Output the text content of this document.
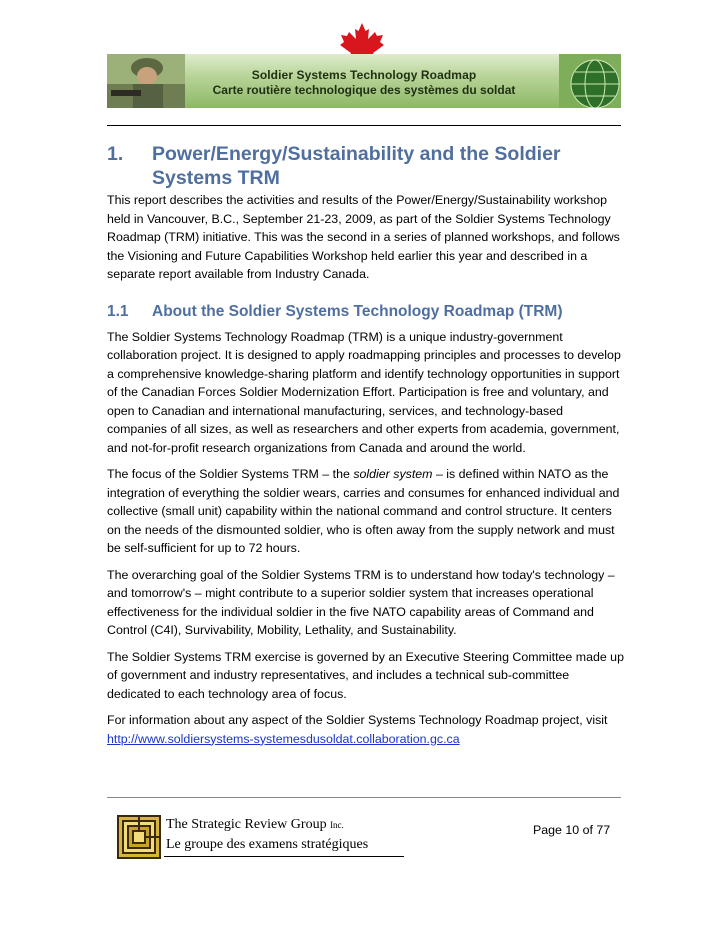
Soldier Systems Technology Roadmap
Carte routière technologique des systèmes du soldat
1.	Power/Energy/Sustainability and the Soldier Systems TRM

This report describes the activities and results of the Power/Energy/Sustainability workshop held in Vancouver, B.C., September 21-23, 2009, as part of the Soldier Systems Technology Roadmap (TRM) initiative. This was the second in a series of planned workshops, and follows the Visioning and Future Capabilities Workshop held earlier this year and described in a separate report available from Industry Canada.

1.1	About the Soldier Systems Technology Roadmap (TRM)

The Soldier Systems Technology Roadmap (TRM) is a unique industry-government collaboration project. It is designed to apply roadmapping principles and processes to develop a comprehensive knowledge-sharing platform and identify technology opportunities in support of the Canadian Forces Soldier Modernization Effort. Participation is free and voluntary, and open to Canadian and international manufacturing, services, and technology-based companies of all sizes, as well as researchers and other experts from academia, government, and not-for-profit research organizations from Canada and around the world.

The focus of the Soldier Systems TRM – the soldier system – is defined within NATO as the integration of everything the soldier wears, carries and consumes for enhanced individual and collective (small unit) capability within the national command and control structure. It centers on the needs of the dismounted soldier, who is often away from the supply network and must be self-sufficient for up to 72 hours.

The overarching goal of the Soldier Systems TRM is to understand how today's technology – and tomorrow's – might contribute to a superior soldier system that increases operational effectiveness for the individual soldier in the five NATO capability areas of Command and Control (C4I), Survivability, Mobility, Lethality, and Sustainability.

The Soldier Systems TRM exercise is governed by an Executive Steering Committee made up of government and industry representatives, and includes a technical sub-committee dedicated to each technology area of focus.

For information about any aspect of the Soldier Systems Technology Roadmap project, visit http://www.soldiersystems-systemesdusoldat.collaboration.gc.ca

The Strategic Review Group Inc.
Le groupe des examens stratégiques
Page 10 of 77
